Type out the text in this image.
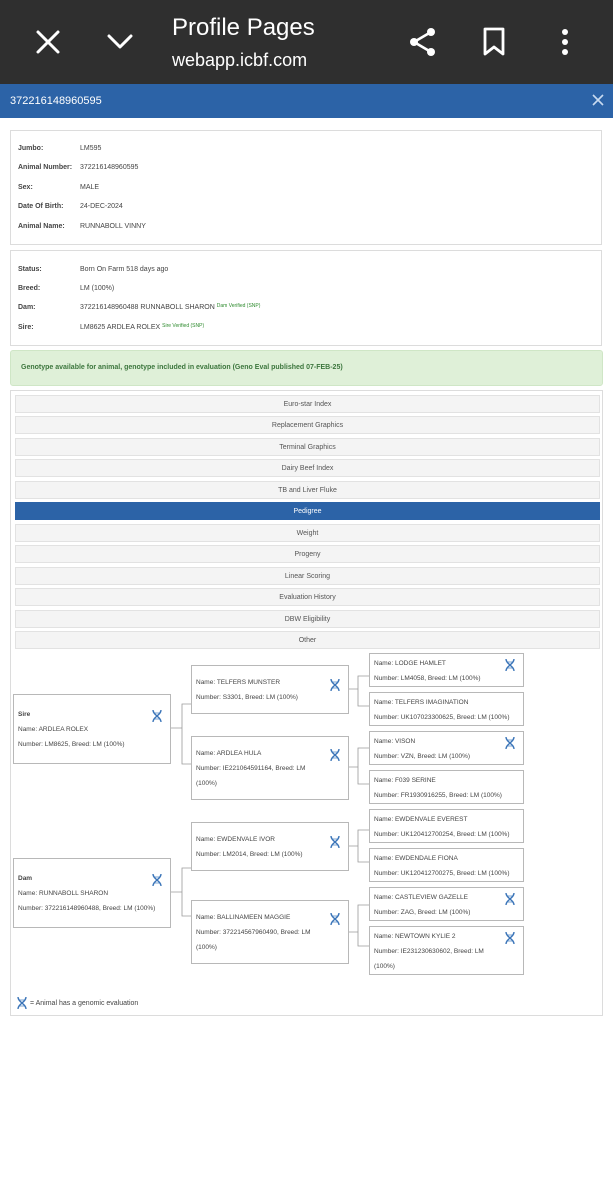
Profile Pages
webapp.icbf.com
372216148960595
Jumbo:	LM595
Animal Number: 372216148960595
Sex:	MALE
Date Of Birth: 24-DEC-2024
Animal Name: RUNNABOLL VINNY
Status:	Born On Farm 518 days ago
Breed:	LM (100%)
Dam:	372216148960488 RUNNABOLL SHARON $^{Dam Verified (SNP)}$
Sire:	LM8625 ARDLEA ROLEX $^{Sire Verified (SNP)}$
Genotype available for animal, genotype included in evaluation (Geno Eval published 07-FEB-25)
Euro-star Index
Replacement Graphics
Terminal Graphics
Dairy Beef Index
TB and Liver Fluke
Pedigree
Weight
Progeny
Linear Scoring
Evaluation History
DBW Eligibility
Other
Sire
Name: ARDLEA ROLEX
Number: LM8625, Breed: LM (100%)
Dam
Name: RUNNABOLL SHARON
Number: 372216148960488, Breed: LM (100%)
Name: TELFERS MUNSTER
Number: S3301, Breed: LM (100%)
Name: ARDLEA HULA
Number: IE221064591164, Breed: LM
(100%)
Name: EWDENVALE IVOR
Number: LM2014, Breed: LM (100%)
Name: BALLINAMEEN MAGGIE
Number: 372214567960490, Breed: LM
(100%)
Name: LODGE HAMLET
Number: LM4058, Breed: LM (100%)
Name: TELFERS IMAGINATION
Number: UK107023300625, Breed: LM (100%)
Name: VISON
Number: VZN, Breed: LM (100%)
Name: F039 SERINE
Number: FR1930916255, Breed: LM (100%)
Name: EWDENVALE EVEREST
Number: UK120412700254, Breed: LM (100%)
Name: EWDENDALE FIONA
Number: UK120412700275, Breed: LM (100%)
Name: CASTLEVIEW GAZELLE
Number: ZAG, Breed: LM (100%)
Name: NEWTOWN KYLIE 2
Number: IE231230630602, Breed: LM
(100%)
= Animal has a genomic evaluation
